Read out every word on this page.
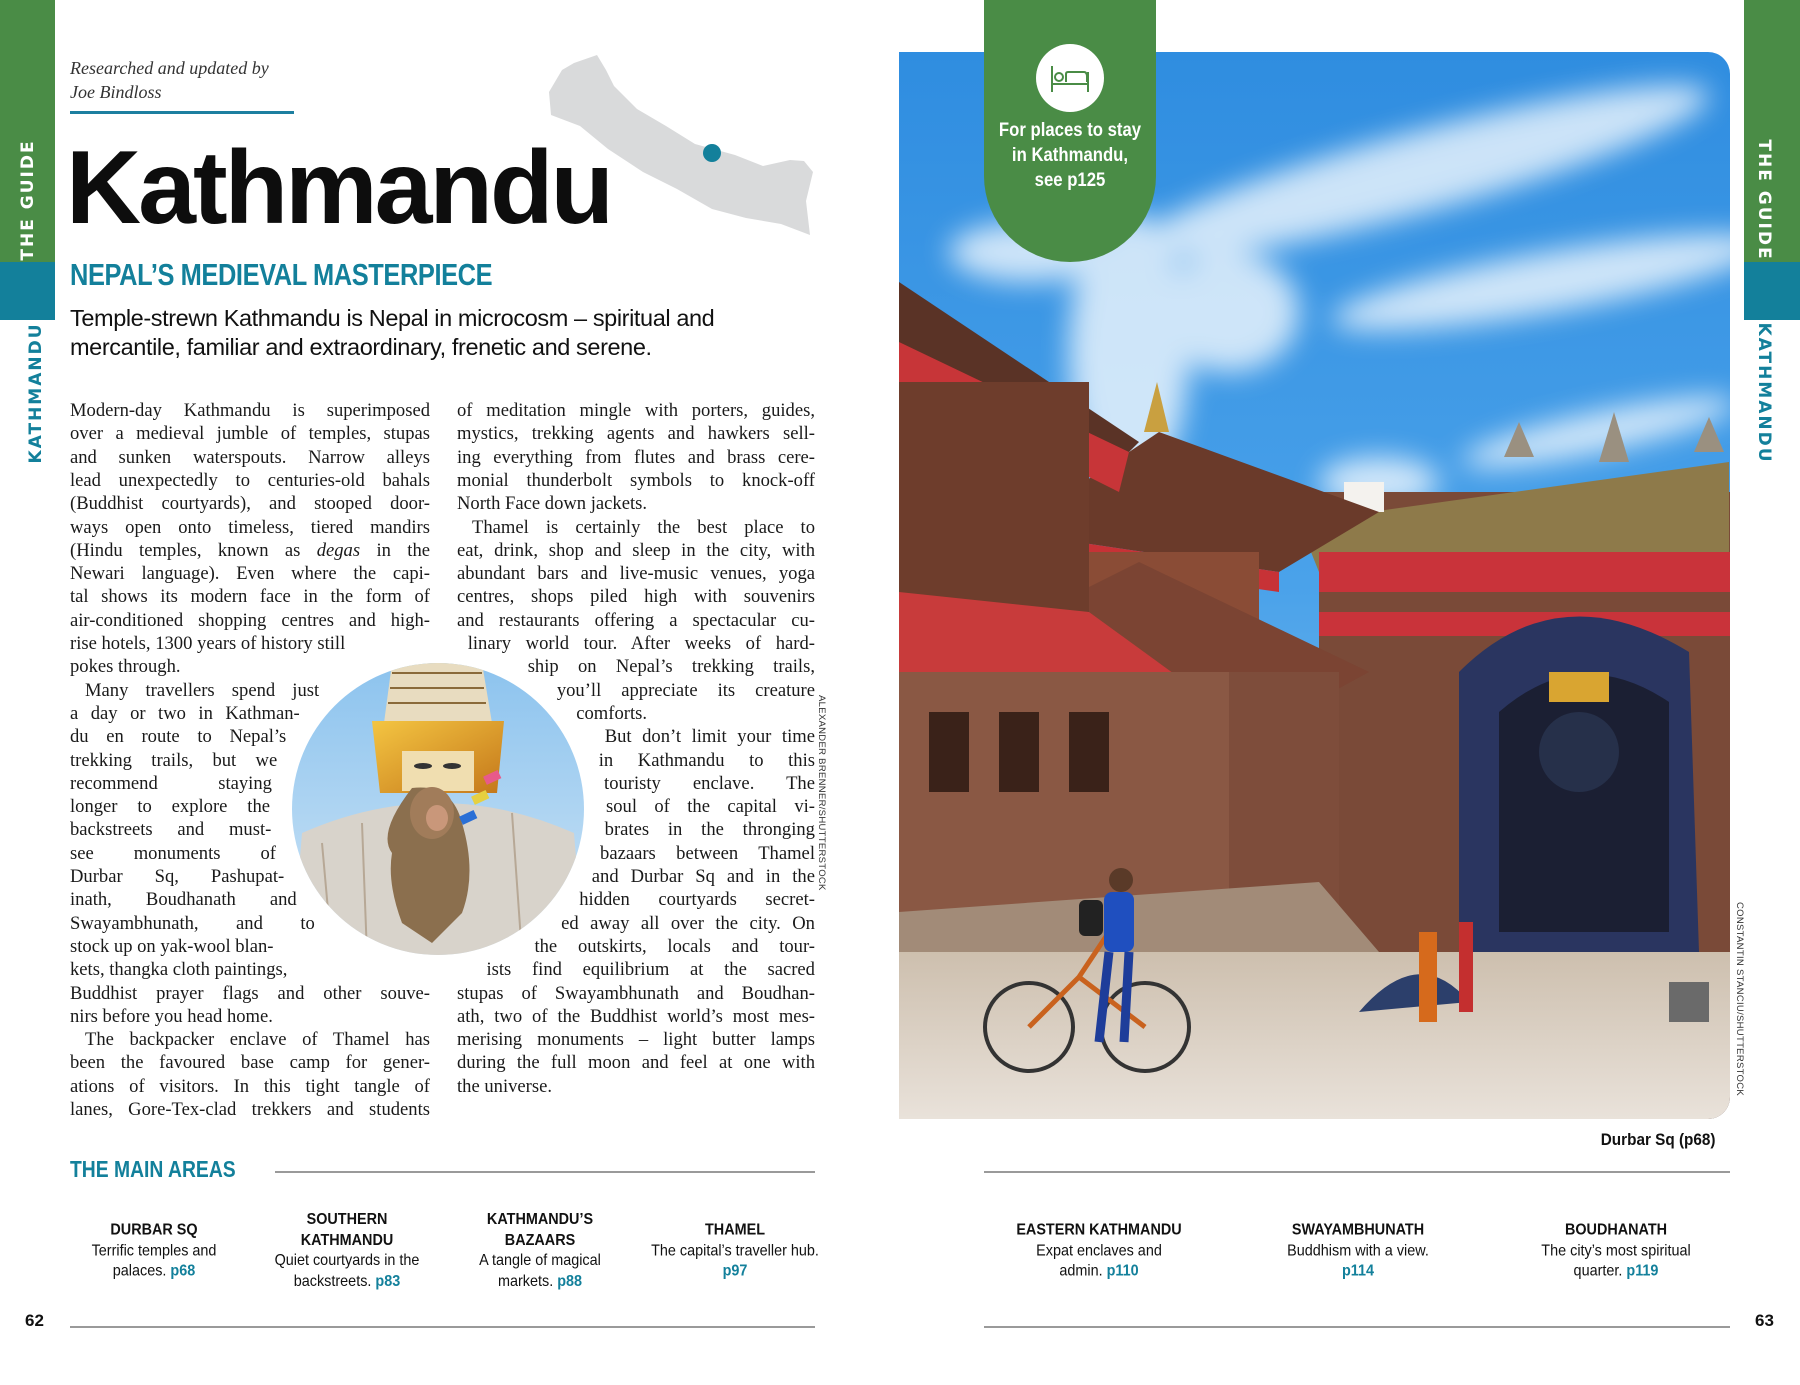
THE GUIDE
KATHMANDU
THE GUIDE
KATHMANDU
Researched and updated by
Joe Bindloss
Kathmandu
NEPAL’S MEDIEVAL MASTERPIECE
Temple-strewn Kathmandu is Nepal in microcosm – spiritual and mercantile, familiar and extraordinary, frenetic and serene.
Modern-day Kathmandu is superimposed
over a medieval jumble of temples, stupas
and sunken waterspouts. Narrow alleys
lead unexpectedly to centuries-old bahals
(Buddhist courtyards), and stooped door-
ways open onto timeless, tiered mandirs
(Hindu temples, known as degas in the
Newari language). Even where the capi-
tal shows its modern face in the form of
air-conditioned shopping centres and high-
rise hotels, 1300 years of history still
pokes through.
Many travellers spend just
a day or two in Kathman-
du en route to Nepal’s
trekking trails, but we
recommend staying
longer to explore the
backstreets and must-
see monuments of
Durbar Sq, Pashupat-
inath, Boudhanath and
Swayambhunath, and to
stock up on yak-wool blan-
kets, thangka cloth paintings,
Buddhist prayer flags and other souve-
nirs before you head home.
The backpacker enclave of Thamel has
been the favoured base camp for gener-
ations of visitors. In this tight tangle of
lanes, Gore-Tex-clad trekkers and students
of meditation mingle with porters, guides,
mystics, trekking agents and hawkers sell-
ing everything from flutes and brass cere-
monial thunderbolt symbols to knock-off
North Face down jackets.
Thamel is certainly the best place to
eat, drink, shop and sleep in the city, with
abundant bars and live-music venues, yoga
centres, shops piled high with souvenirs
and restaurants offering a spectacular cu-
linary world tour. After weeks of hard-
ship on Nepal’s trekking trails,
you’ll appreciate its creature
comforts.
But don’t limit your time
in Kathmandu to this
touristy enclave. The
soul of the capital vi-
brates in the thronging
bazaars between Thamel
and Durbar Sq and in the
hidden courtyards secret-
ed away all over the city. On
the outskirts, locals and tour-
ists find equilibrium at the sacred
stupas of Swayambhunath and Boudhan-
ath, two of the Buddhist world’s most mes-
merising monuments – light butter lamps
during the full moon and feel at one with
the universe.
ALEXANDER BRENNER/SHUTTERSTOCK
CONSTANTIN STANCIU/SHUTTERSTOCK
For places to stay
in Kathmandu,
see p125
Durbar Sq (p68)
THE MAIN AREAS
DURBAR SQ
Terrific temples and palaces. p68
SOUTHERN KATHMANDU
Quiet courtyards in the backstreets. p83
KATHMANDU’S BAZAARS
A tangle of magical markets. p88
THAMEL
The capital’s traveller hub. p97
EASTERN KATHMANDU
Expat enclaves and admin. p110
SWAYAMBHUNATH
Buddhism with a view. p114
BOUDHANATH
The city’s most spiritual quarter. p119
62	63
